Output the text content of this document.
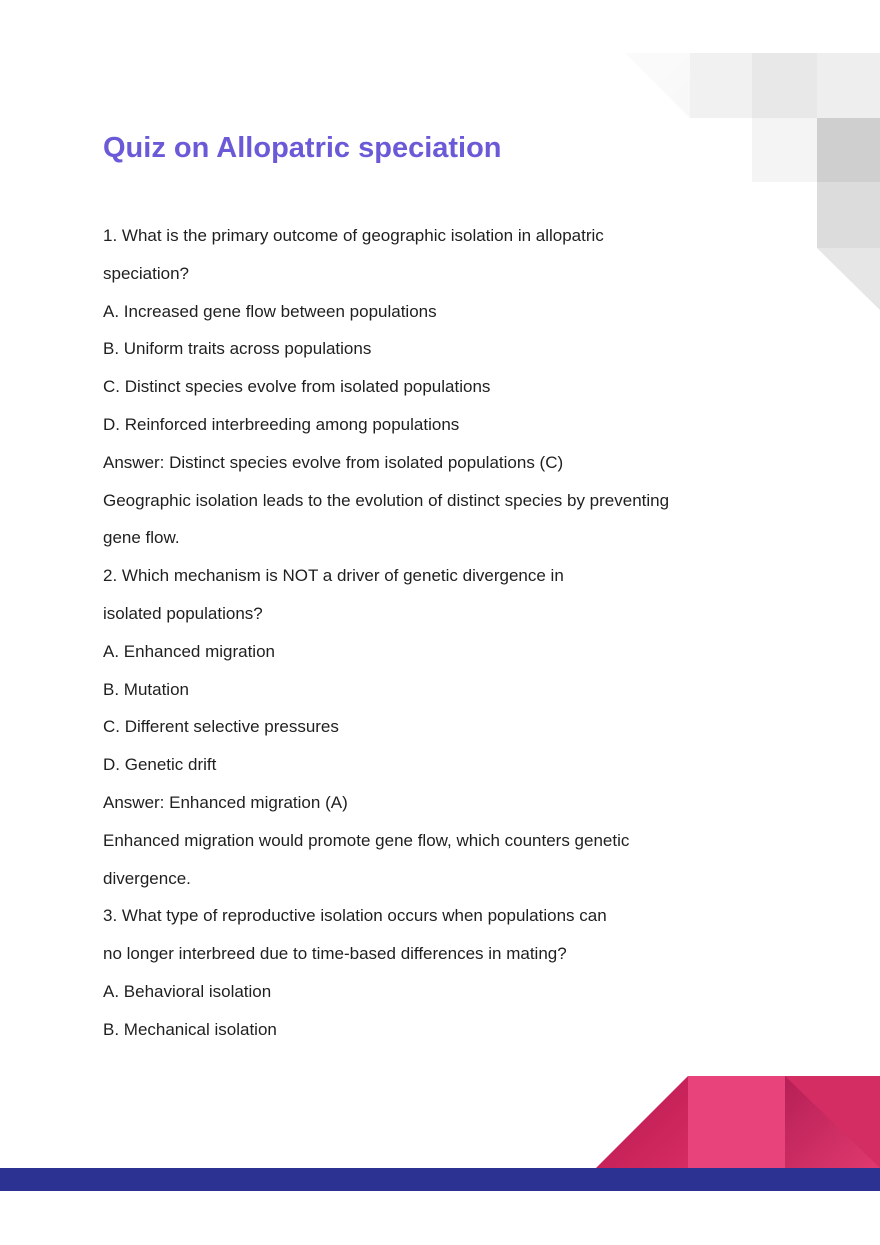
Quiz on Allopatric speciation

1. What is the primary outcome of geographic isolation in allopatric

speciation?

A. Increased gene flow between populations

B. Uniform traits across populations

C. Distinct species evolve from isolated populations

D. Reinforced interbreeding among populations

Answer: Distinct species evolve from isolated populations (C)

Geographic isolation leads to the evolution of distinct species by preventing

gene flow.

2. Which mechanism is NOT a driver of genetic divergence in

isolated populations?

A. Enhanced migration

B. Mutation

C. Different selective pressures

D. Genetic drift

Answer: Enhanced migration (A)

Enhanced migration would promote gene flow, which counters genetic

divergence.

3. What type of reproductive isolation occurs when populations can

no longer interbreed due to time-based differences in mating?

A. Behavioral isolation

B. Mechanical isolation
